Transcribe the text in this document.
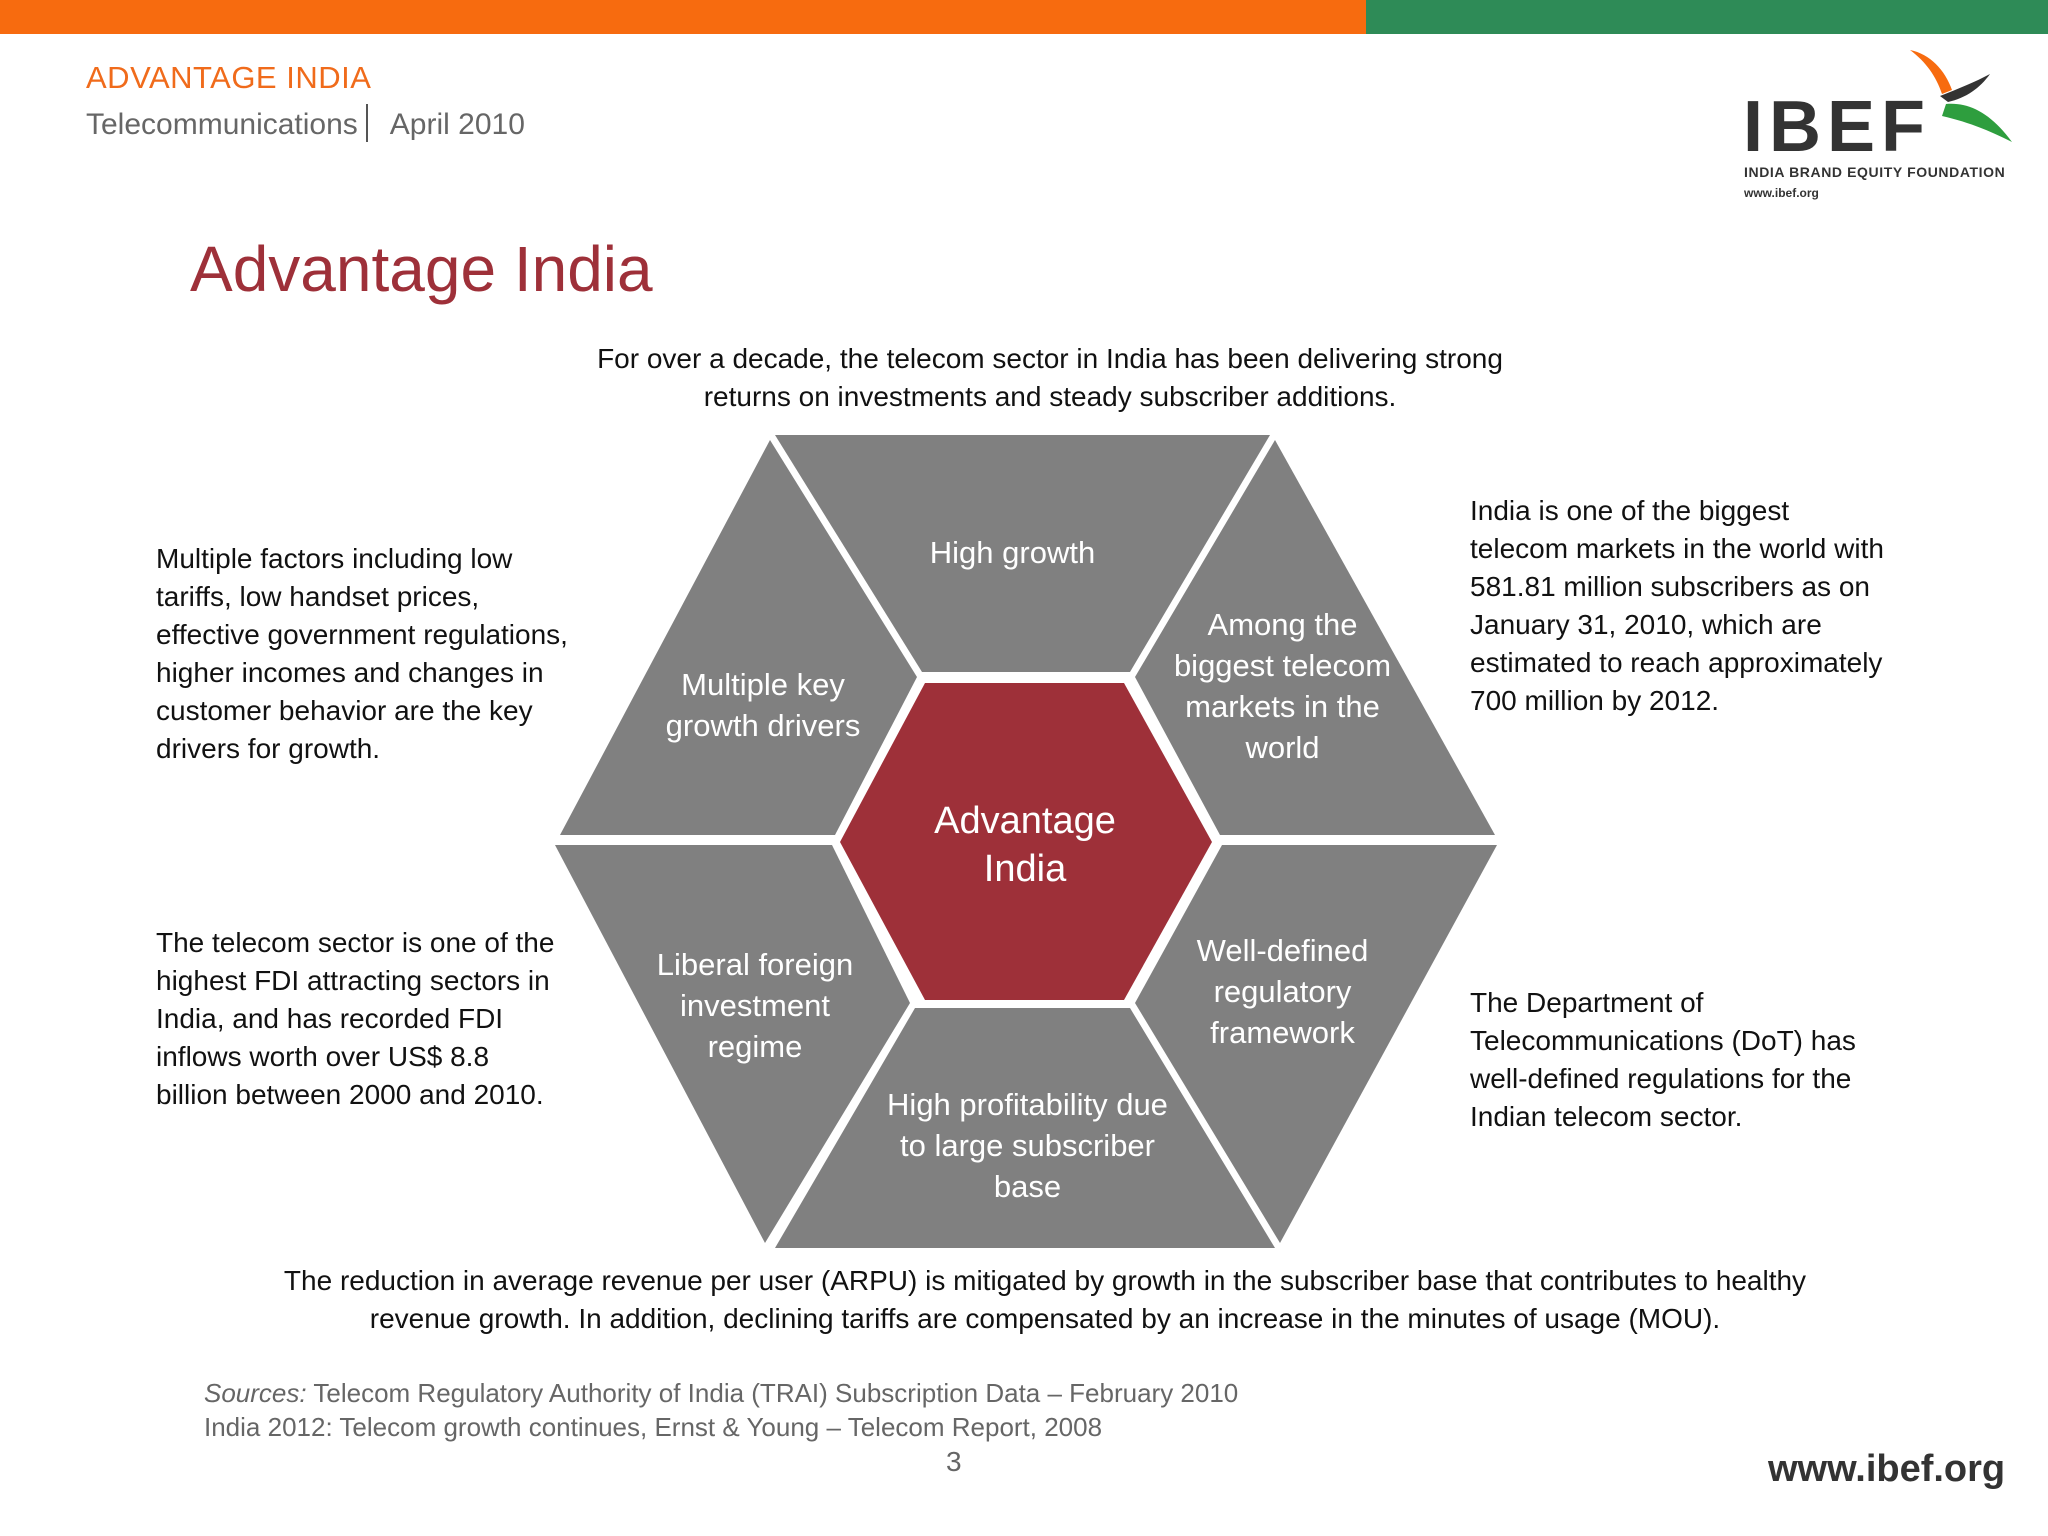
ADVANTAGE INDIA
Telecommunications April 2010	IBEF
INDIA BRAND EQUITY FOUNDATION
www.ibef.org
Advantage India
For over a decade, the telecom sector in India has been delivering strong returns on investments and steady subscriber additions.
Multiple factors including low tariffs, low handset prices, effective government regulations, higher incomes and changes in customer behavior are the key drivers for growth.
The telecom sector is one of the highest FDI attracting sectors in India, and has recorded FDI inflows worth over US$ 8.8 billion between 2000 and 2010.
India is one of the biggest telecom markets in the world with 581.81 million subscribers as on January 31, 2010, which are estimated to reach approximately 700 million by 2012.
The Department of Telecommunications (DoT) has well-defined regulations for the Indian telecom sector.
High growth
Multiple key growth drivers
Among the biggest telecom markets in the world
Liberal foreign investment regime
Well-defined regulatory framework
High profitability due to large subscriber base
Advantage India
The reduction in average revenue per user (ARPU) is mitigated by growth in the subscriber base that contributes to healthy revenue growth. In addition, declining tariffs are compensated by an increase in the minutes of usage (MOU).
Sources: Telecom Regulatory Authority of India (TRAI) Subscription Data – February 2010
India 2012: Telecom growth continues, Ernst & Young – Telecom Report, 2008
3	www.ibef.org
